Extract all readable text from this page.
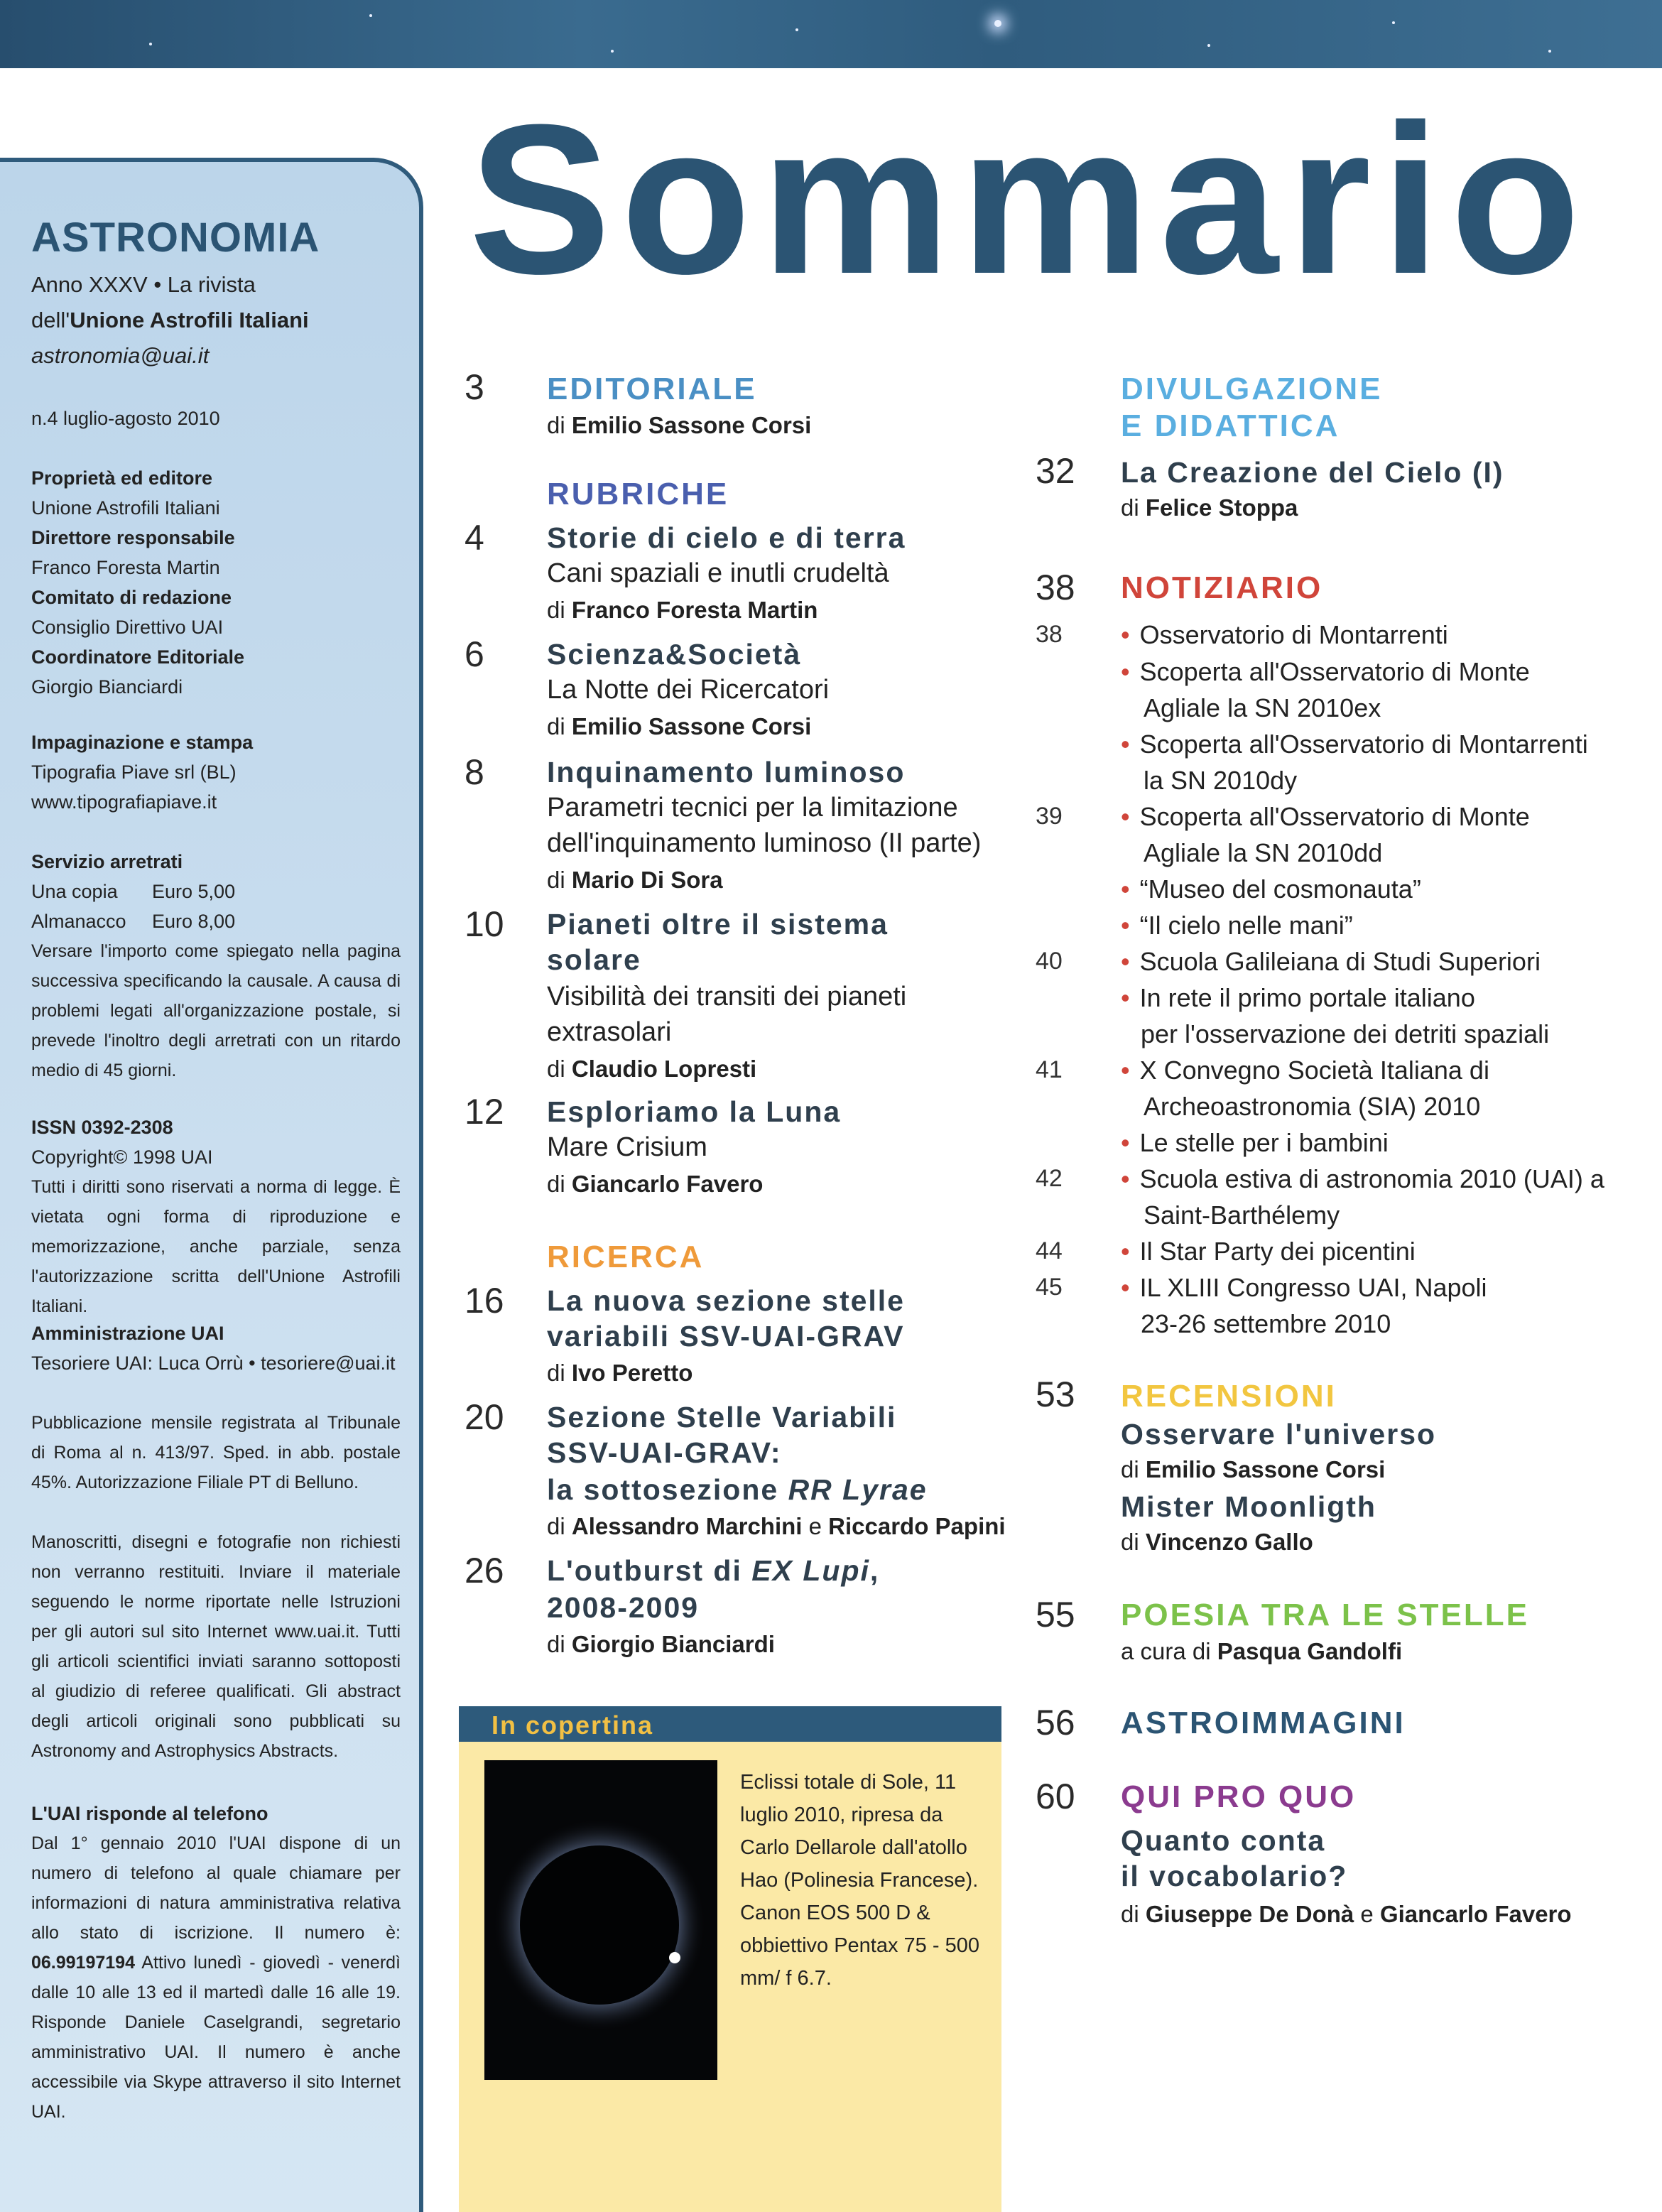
Sommario
ASTRONOMIA
Anno XXXV • La rivista
dell'Unione Astrofili Italiani
astronomia@uai.it
n.4 luglio-agosto 2010
Proprietà ed editore
Unione Astrofili Italiani
Direttore responsabile
Franco Foresta Martin
Comitato di redazione
Consiglio Direttivo UAI
Coordinatore Editoriale
Giorgio Bianciardi
Impaginazione e stampa
Tipografia Piave srl (BL)
www.tipografiapiave.it
Servizio arretrati
Una copia Euro 5,00
Almanacco Euro 8,00

Versare l'importo come spiegato nella pagina successiva specificando la causale. A causa di problemi legati all'organizzazione postale, si prevede l'inoltro degli arretrati con un ritardo medio di 45 giorni.

ISSN 0392-2308
Copyright© 1998 UAI

Tutti i diritti sono riservati a norma di legge. È vietata ogni forma di riproduzione e memorizzazione, anche parziale, senza l'autorizzazione scritta dell'Unione Astrofili Italiani.

Amministrazione UAI
Tesoriere UAI: Luca Orrù • tesoriere@uai.it

Pubblicazione mensile registrata al Tribunale di Roma al n. 413/97. Sped. in abb. postale 45%. Autorizzazione Filiale PT di Belluno.

Manoscritti, disegni e fotografie non richiesti non verranno restituiti. Inviare il materiale seguendo le norme riportate nelle Istruzioni per gli autori sul sito Internet www.uai.it. Tutti gli articoli scientifici inviati saranno sottoposti al giudizio di referee qualificati. Gli abstract degli articoli originali sono pubblicati su Astronomy and Astrophysics Abstracts.

L'UAI risponde al telefono

Dal 1° gennaio 2010 l'UAI dispone di un numero di telefono al quale chiamare per informazioni di natura amministrativa relativa allo stato di iscrizione. Il numero è: 06.99197194 Attivo lunedì - giovedì - venerdì dalle 10 alle 13 ed il martedì dalle 16 alle 19. Risponde Daniele Caselgrandi, segretario amministrativo UAI. Il numero è anche accessibile via Skype attraverso il sito Internet UAI.

3 EDITORIALE
di Emilio Sassone Corsi
RUBRICHE
4 Storie di cielo e di terra
Cani spaziali e inutli crudeltà
di Franco Foresta Martin
6 Scienza&Società
La Notte dei Ricercatori
di Emilio Sassone Corsi
8 Inquinamento luminoso
Parametri tecnici per la limitazione
dell'inquinamento luminoso (II parte)
di Mario Di Sora
10 Pianeti oltre il sistema
solare
Visibilità dei transiti dei pianeti
extrasolari
di Claudio Lopresti
12 Esploriamo la Luna
Mare Crisium
di Giancarlo Favero
RICERCA
16 La nuova sezione stelle
variabili SSV-UAI-GRAV
di Ivo Peretto
20 Sezione Stelle Variabili
SSV-UAI-GRAV:
la sottosezione RR Lyrae
di Alessandro Marchini e Riccardo Papini
26 L'outburst di EX Lupi,
2008-2009
di Giorgio Bianciardi
In copertina

Eclissi totale di Sole, 11 luglio 2010, ripresa da Carlo Dellarole dall'atollo Hao (Polinesia Francese). Canon EOS 500 D & obbiettivo Pentax 75 - 500 mm/ f 6.7.

DIVULGAZIONE
E DIDATTICA
32 La Creazione del Cielo (I)
di Felice Stoppa
38 NOTIZIARIO
38 • Osservatorio di Montarrenti
• Scoperta all'Osservatorio di Monte
Agliale la SN 2010ex
• Scoperta all'Osservatorio di Montarrenti
la SN 2010dy
39 • Scoperta all'Osservatorio di Monte
Agliale la SN 2010dd
• “Museo del cosmonauta”
• “Il cielo nelle mani”
40 • Scuola Galileiana di Studi Superiori
• In rete il primo portale italiano
per l'osservazione dei detriti spaziali
41 • X Convegno Società Italiana di
Archeoastronomia (SIA) 2010
• Le stelle per i bambini
42 • Scuola estiva di astronomia 2010 (UAI) a
Saint-Barthélemy
44 • Il Star Party dei picentini
45 • IL XLIII Congresso UAI, Napoli
23-26 settembre 2010
53 RECENSIONI
Osservare l'universo
di Emilio Sassone Corsi
Mister Moonligth
di Vincenzo Gallo
55 POESIA TRA LE STELLE
a cura di Pasqua Gandolfi
56 ASTROIMMAGINI
60 QUI PRO QUO
Quanto conta
il vocabolario?
di Giuseppe De Donà e Giancarlo Favero
